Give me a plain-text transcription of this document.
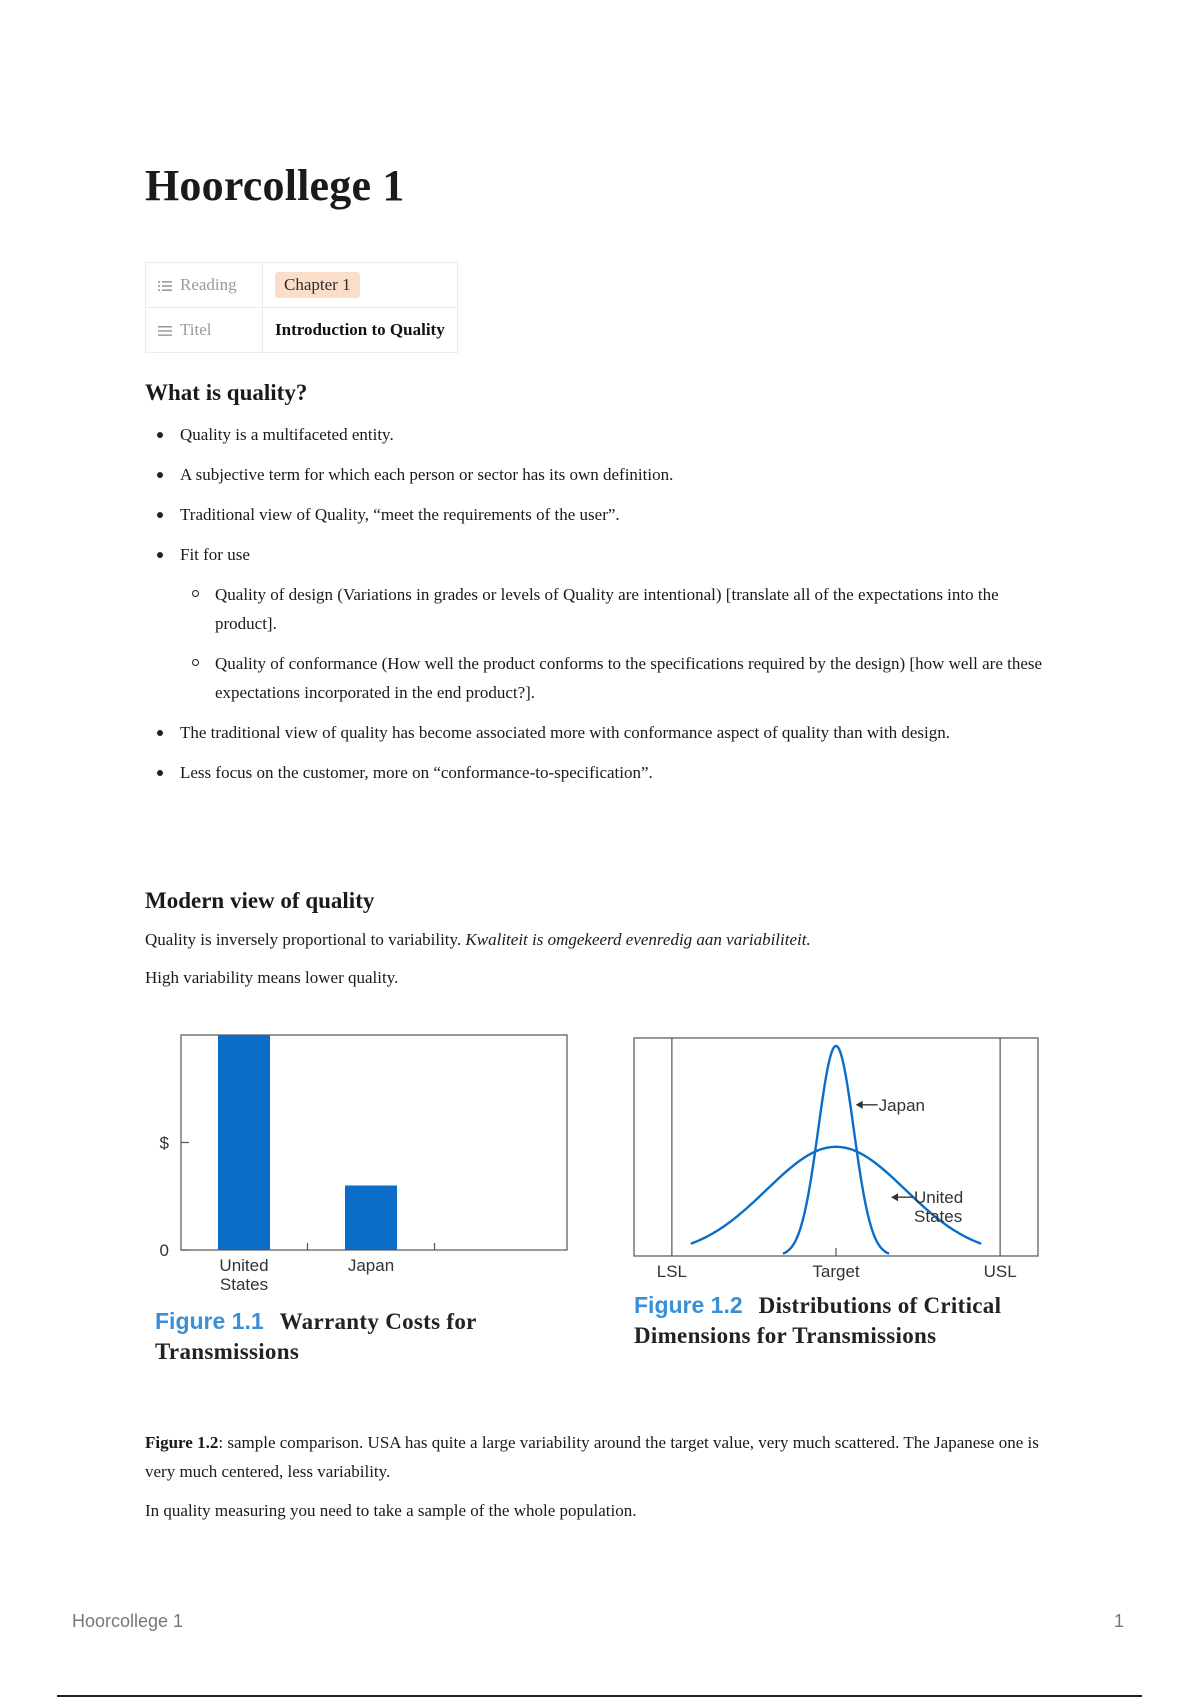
Hoorcollege 1
Reading	Chapter 1

Titel	Introduction to Quality
What is quality?
Quality is a multifaceted entity.
A subjective term for which each person or sector has its own definition.
Traditional view of Quality, “meet the requirements of the user”.
Fit for use
Quality of design (Variations in grades or levels of Quality are intentional) [translate all of the expectations into the product].
Quality of conformance (How well the product conforms to the specifications required by the design) [how well are these expectations incorporated in the end product?].
The traditional view of quality has become associated more with conformance aspect of quality than with design.
Less focus on the customer, more on “conformance-to-specification”.
Modern view of quality

Quality is inversely proportional to variability. Kwaliteit is omgekeerd evenredig aan variabiliteit.

High variability means lower quality.

0
$
United
States
Japan
Figure 1.1 Warranty Costs for Transmissions
LSL	Target	USL
Japan
United
States
Figure 1.2 Distributions of Critical Dimensions for Transmissions

Figure 1.2: sample comparison. USA has quite a large variability around the target value, very much scattered. The Japanese one is very much centered, less variability.

In quality measuring you need to take a sample of the whole population.

Hoorcollege 1	1
